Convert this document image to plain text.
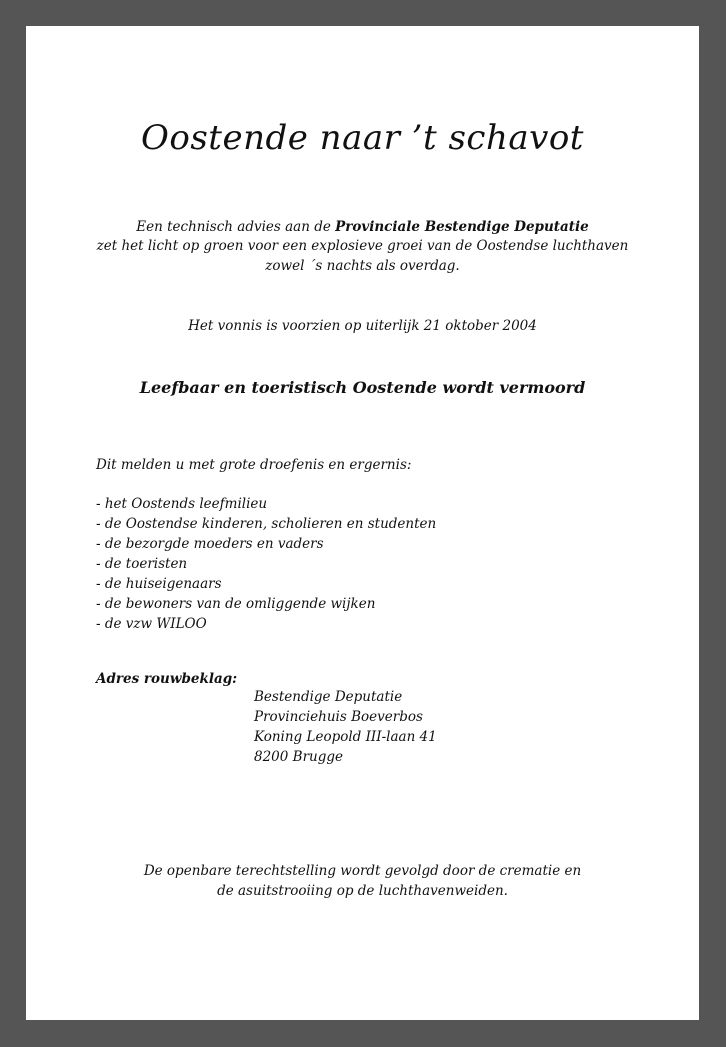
Oostende naar ’t schavot
Een technisch advies aan de Provinciale Bestendige Deputatie
zet het licht op groen voor een explosieve groei van de Oostendse luchthaven
zowel ´s nachts als overdag.
Het vonnis is voorzien op uiterlijk 21 oktober 2004
Leefbaar en toeristisch Oostende wordt vermoord
Dit melden u met grote droefenis en ergernis:
- het Oostends leefmilieu
- de Oostendse kinderen, scholieren en studenten
- de bezorgde moeders en vaders
- de toeristen
- de huiseigenaars
- de bewoners van de omliggende wijken
- de vzw WILOO
Adres rouwbeklag:
Bestendige Deputatie
Provinciehuis Boeverbos
Koning Leopold III-laan 41
8200 Brugge
De openbare terechtstelling wordt gevolgd door de crematie en
de asuitstrooiing op de luchthavenweiden.
